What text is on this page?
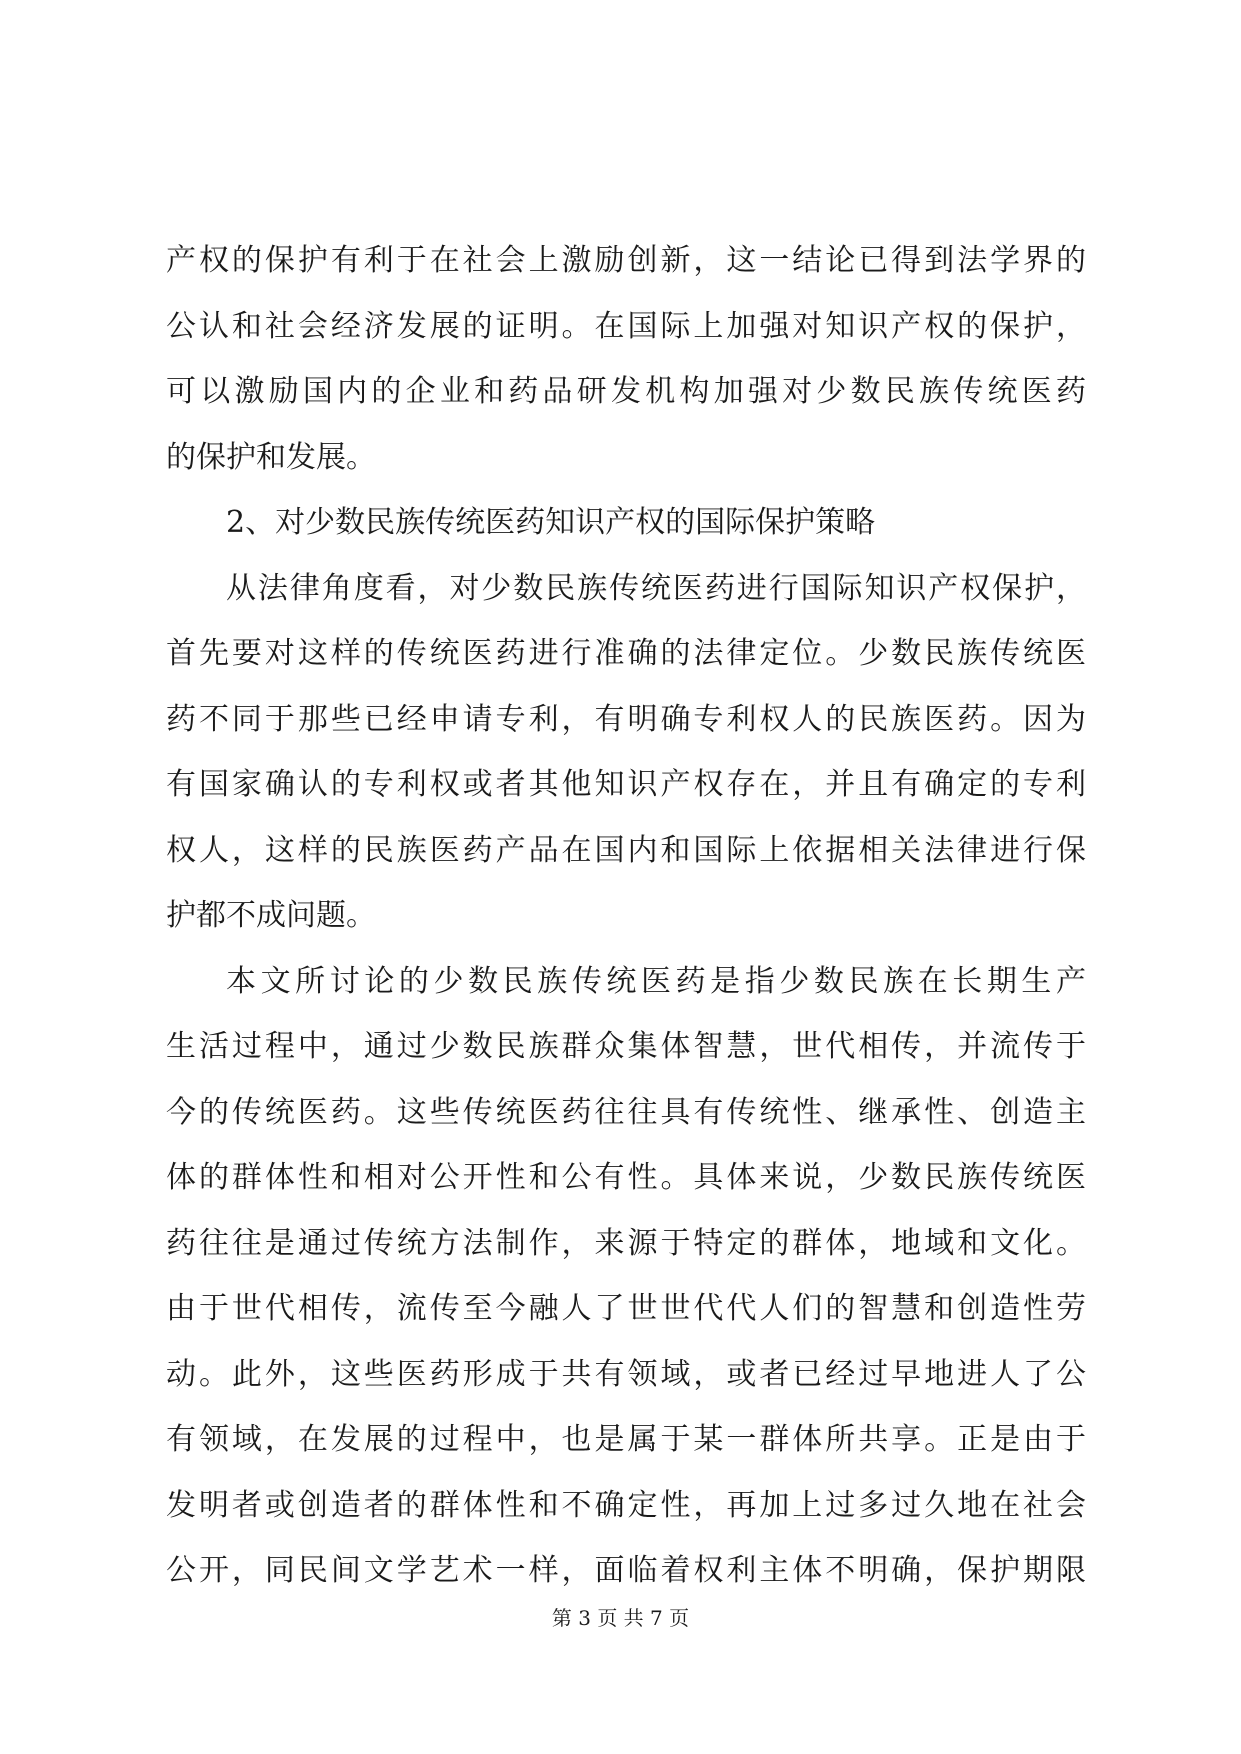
产权的保护有利于在社会上激励创新，这一结论已得到法学界的
公认和社会经济发展的证明。在国际上加强对知识产权的保护，
可以激励国内的企业和药品研发机构加强对少数民族传统医药
的保护和发展。
2、对少数民族传统医药知识产权的国际保护策略
从法律角度看，对少数民族传统医药进行国际知识产权保护，
首先要对这样的传统医药进行准确的法律定位。少数民族传统医
药不同于那些已经申请专利，有明确专利权人的民族医药。因为
有国家确认的专利权或者其他知识产权存在，并且有确定的专利
权人，这样的民族医药产品在国内和国际上依据相关法律进行保
护都不成问题。
本文所讨论的少数民族传统医药是指少数民族在长期生产
生活过程中，通过少数民族群众集体智慧，世代相传，并流传于
今的传统医药。这些传统医药往往具有传统性、继承性、创造主
体的群体性和相对公开性和公有性。具体来说，少数民族传统医
药往往是通过传统方法制作，来源于特定的群体，地域和文化。
由于世代相传，流传至今融人了世世代代人们的智慧和创造性劳
动。此外，这些医药形成于共有领域，或者已经过早地进人了公
有领域，在发展的过程中，也是属于某一群体所共享。正是由于
发明者或创造者的群体性和不确定性，再加上过多过久地在社会
公开，同民间文学艺术一样，面临着权利主体不明确，保护期限
第 3 页 共 7 页
